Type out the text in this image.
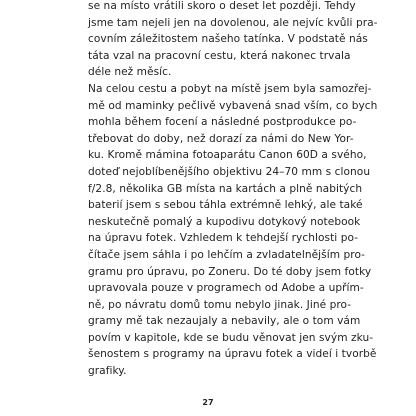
se na místo vrátili skoro o deset let později. Tehdy
jsme tam nejeli jen na dovolenou, ale nejvíc kvůli pra-
covním záležitostem našeho tatínka. V podstatě nás
táta vzal na pracovní cestu, která nakonec trvala
déle než měsíc.
Na celou cestu a pobyt na místě jsem byla samozřej-
mě od maminky pečlivě vybavená snad vším, co bych
mohla během focení a následné postprodukce po-
třebovat do doby, než dorazí za námi do New Yor-
ku. Kromě mámina fotoaparátu Canon 60D a svého,
doteď nejoblíbenějšího objektivu 24–70 mm s clonou
f/2.8, několika GB místa na kartách a plně nabitých
baterií jsem s sebou táhla extrémně lehký, ale také
neskutečně pomalý a kupodivu dotykový notebook
na úpravu fotek. Vzhledem k tehdejší rychlosti po-
čítače jsem sáhla i po lehčím a zvladatelnějším pro-
gramu pro úpravu, po Zoneru. Do té doby jsem fotky
upravovala pouze v programech od Adobe a upřím-
ně, po návratu domů tomu nebylo jinak. Jiné pro-
gramy mě tak nezaujaly a nebavily, ale o tom vám
povím v kapitole, kde se budu věnovat jen svým zku-
šenostem s programy na úpravu fotek a videí i tvorbě
grafiky.
27
